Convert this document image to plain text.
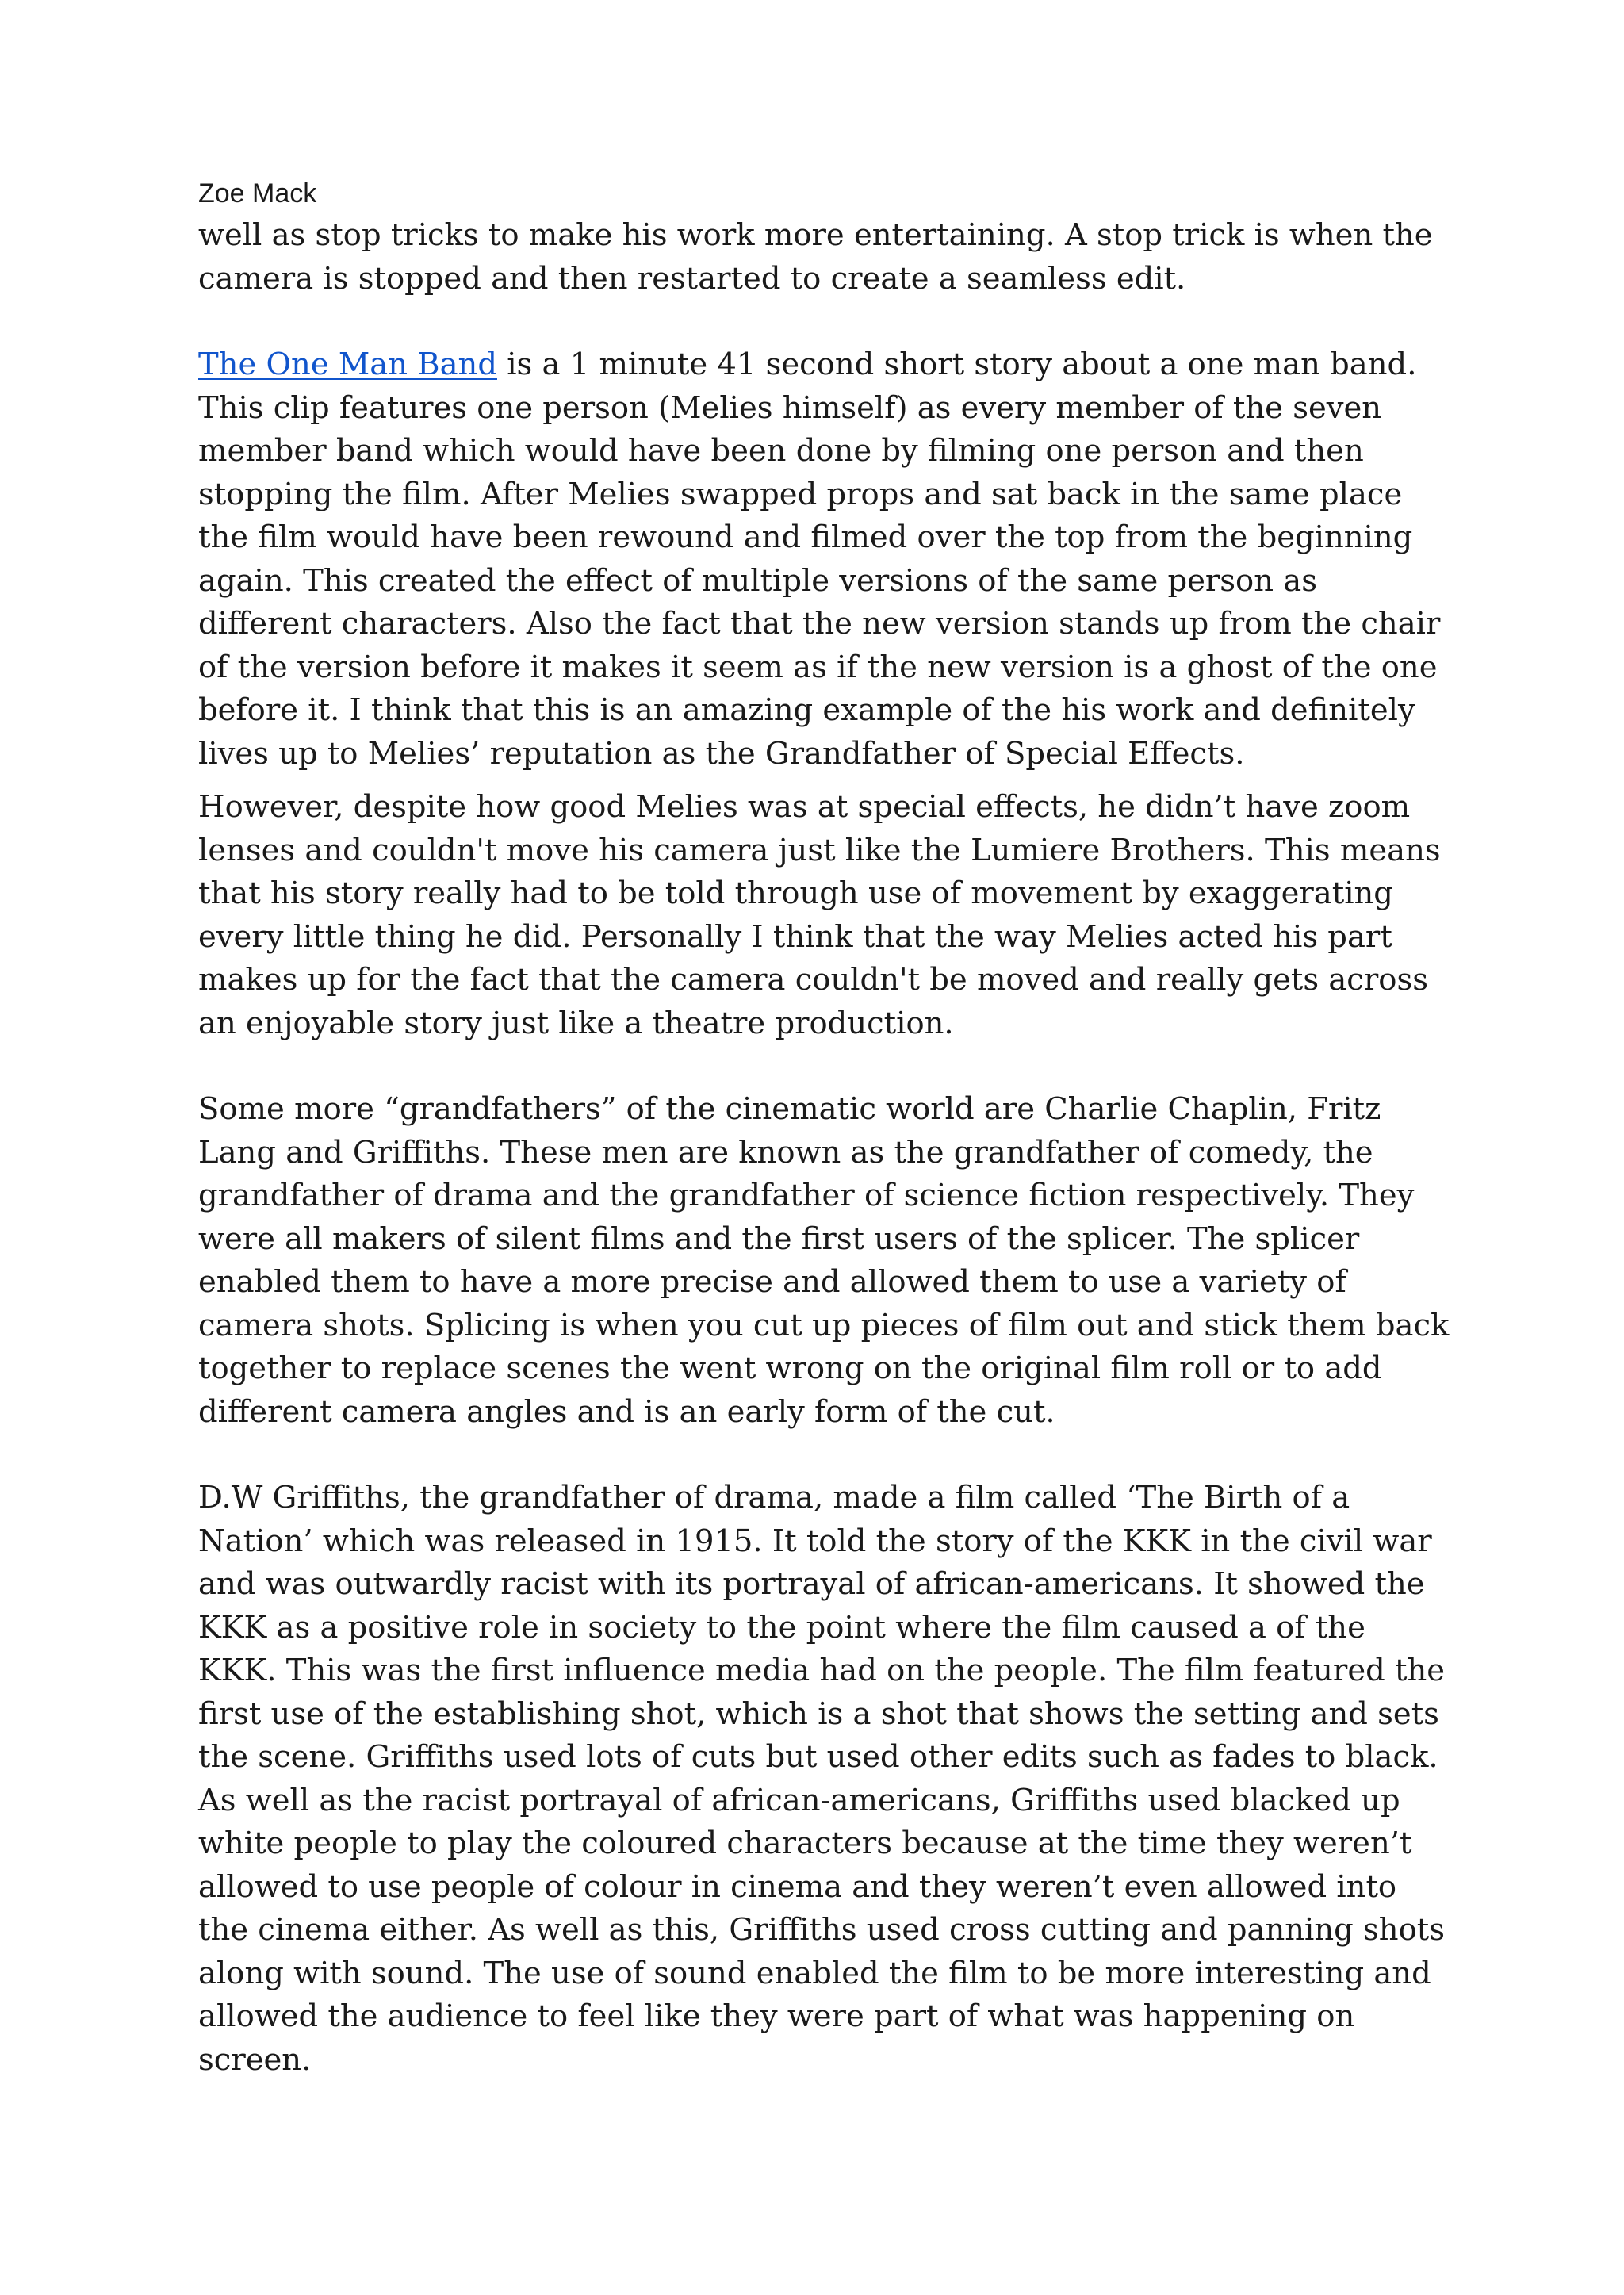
Zoe Mack

well as stop tricks to make his work more entertaining. A stop trick is when the camera is stopped and then restarted to create a seamless edit.

The One Man Band is a 1 minute 41 second short story about a one man band. This clip features one person (Melies himself) as every member of the seven member band which would have been done by filming one person and then stopping the film. After Melies swapped props and sat back in the same place the film would have been rewound and filmed over the top from the beginning again. This created the effect of multiple versions of the same person as different characters. Also the fact that the new version stands up from the chair of the version before it makes it seem as if the new version is a ghost of the one before it. I think that this is an amazing example of the his work and definitely lives up to Melies’ reputation as the Grandfather of Special Effects.

However, despite how good Melies was at special effects, he didn’t have zoom lenses and couldn't move his camera just like the Lumiere Brothers. This means that his story really had to be told through use of movement by exaggerating every little thing he did. Personally I think that the way Melies acted his part makes up for the fact that the camera couldn't be moved and really gets across an enjoyable story just like a theatre production.

Some more “grandfathers” of the cinematic world are Charlie Chaplin, Fritz Lang and Griffiths. These men are known as the grandfather of comedy, the grandfather of drama and the grandfather of science fiction respectively. They were all makers of silent films and the first users of the splicer. The splicer enabled them to have a more precise and allowed them to use a variety of camera shots. Splicing is when you cut up pieces of film out and stick them back together to replace scenes the went wrong on the original film roll or to add different camera angles and is an early form of the cut.

D.W Griffiths, the grandfather of drama, made a film called ‘The Birth of a Nation’ which was released in 1915. It told the story of the KKK in the civil war and was outwardly racist with its portrayal of african-americans. It showed the KKK as a positive role in society to the point where the film caused a of the KKK. This was the first influence media had on the people. The film featured the first use of the establishing shot, which is a shot that shows the setting and sets the scene. Griffiths used lots of cuts but used other edits such as fades to black. As well as the racist portrayal of african-americans, Griffiths used blacked up white people to play the coloured characters because at the time they weren’t allowed to use people of colour in cinema and they weren’t even allowed into the cinema either. As well as this, Griffiths used cross cutting and panning shots along with sound. The use of sound enabled the film to be more interesting and allowed the audience to feel like they were part of what was happening on screen.
